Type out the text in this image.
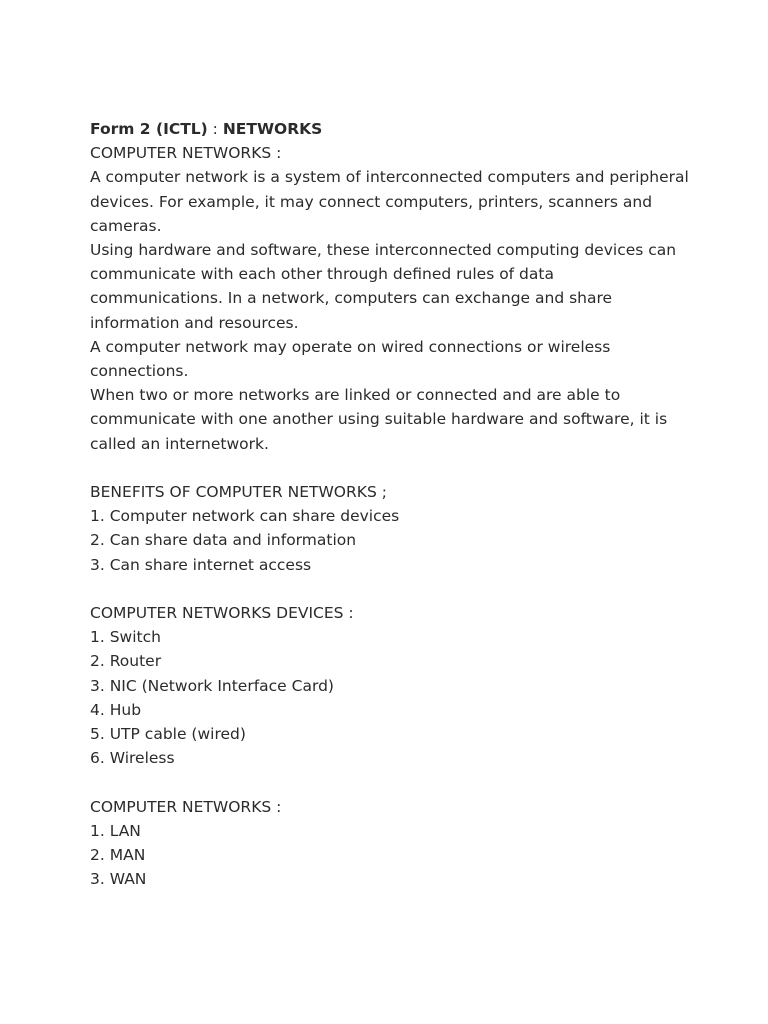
Form 2 (ICTL) : NETWORKS
COMPUTER NETWORKS :
A computer network is a system of interconnected computers and peripheral
devices. For example, it may connect computers, printers, scanners and
cameras.
Using hardware and software, these interconnected computing devices can
communicate with each other through defined rules of data
communications. In a network, computers can exchange and share
information and resources.
A computer network may operate on wired connections or wireless
connections.
When two or more networks are linked or connected and are able to
communicate with one another using suitable hardware and software, it is
called an internetwork.
BENEFITS OF COMPUTER NETWORKS ;
1. Computer network can share devices
2. Can share data and information
3. Can share internet access
COMPUTER NETWORKS DEVICES :
1. Switch
2. Router
3. NIC (Network Interface Card)
4. Hub
5. UTP cable (wired)
6. Wireless
COMPUTER NETWORKS :
1. LAN
2. MAN
3. WAN
